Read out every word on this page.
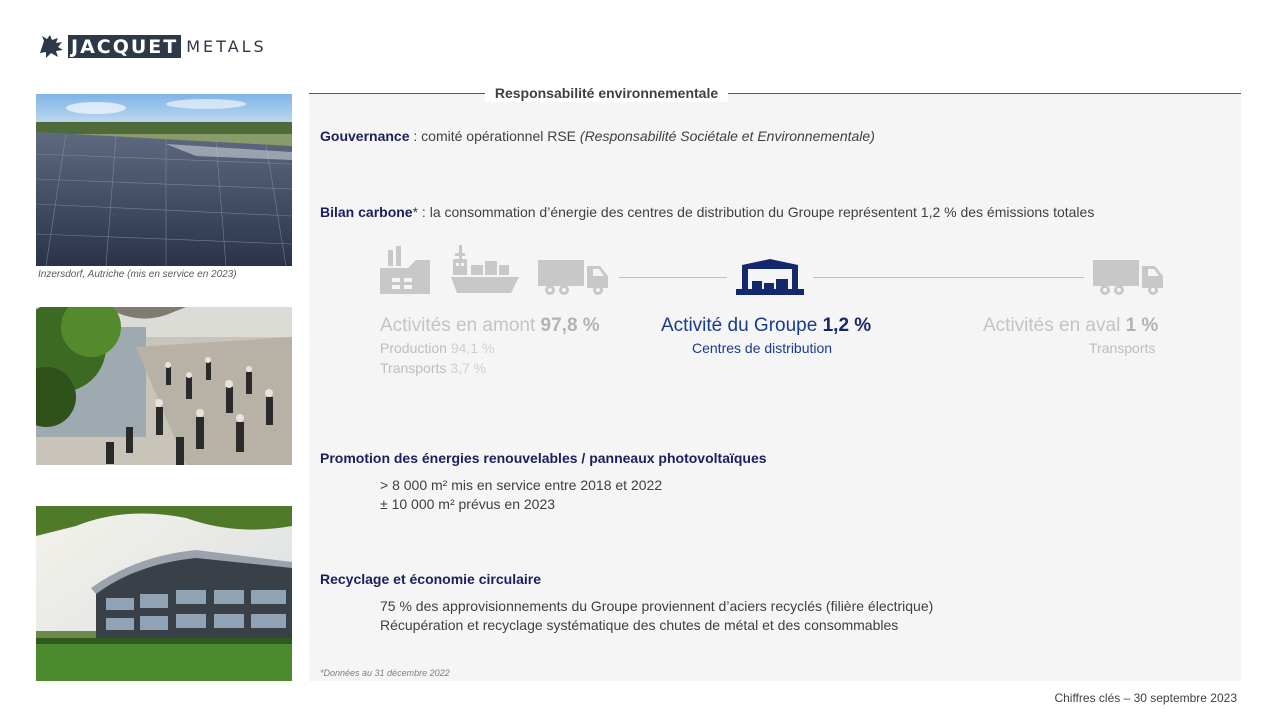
JACQUET METALS
Inzersdorf, Autriche (mis en service en 2023)
Responsabilité environnementale
Gouvernance : comité opérationnel RSE (Responsabilité Sociétale et Environnementale)
Bilan carbone* : la consommation d’énergie des centres de distribution du Groupe représentent 1,2 % des émissions totales
Activités en amont 97,8 %
Production 94,1 %
Transports 3,7 %
Activité du Groupe 1,2 %
Centres de distribution
Activités en aval 1 %
Transports
Promotion des énergies renouvelables / panneaux photovoltaïques
> 8 000 m² mis en service entre 2018 et 2022
± 10 000 m² prévus en 2023
Recyclage et économie circulaire
75 % des approvisionnements du Groupe proviennent d’aciers recyclés (filière électrique)
Récupération et recyclage systématique des chutes de métal et des consommables
*Données au 31 décembre 2022
Chiffres clés – 30 septembre 2023
